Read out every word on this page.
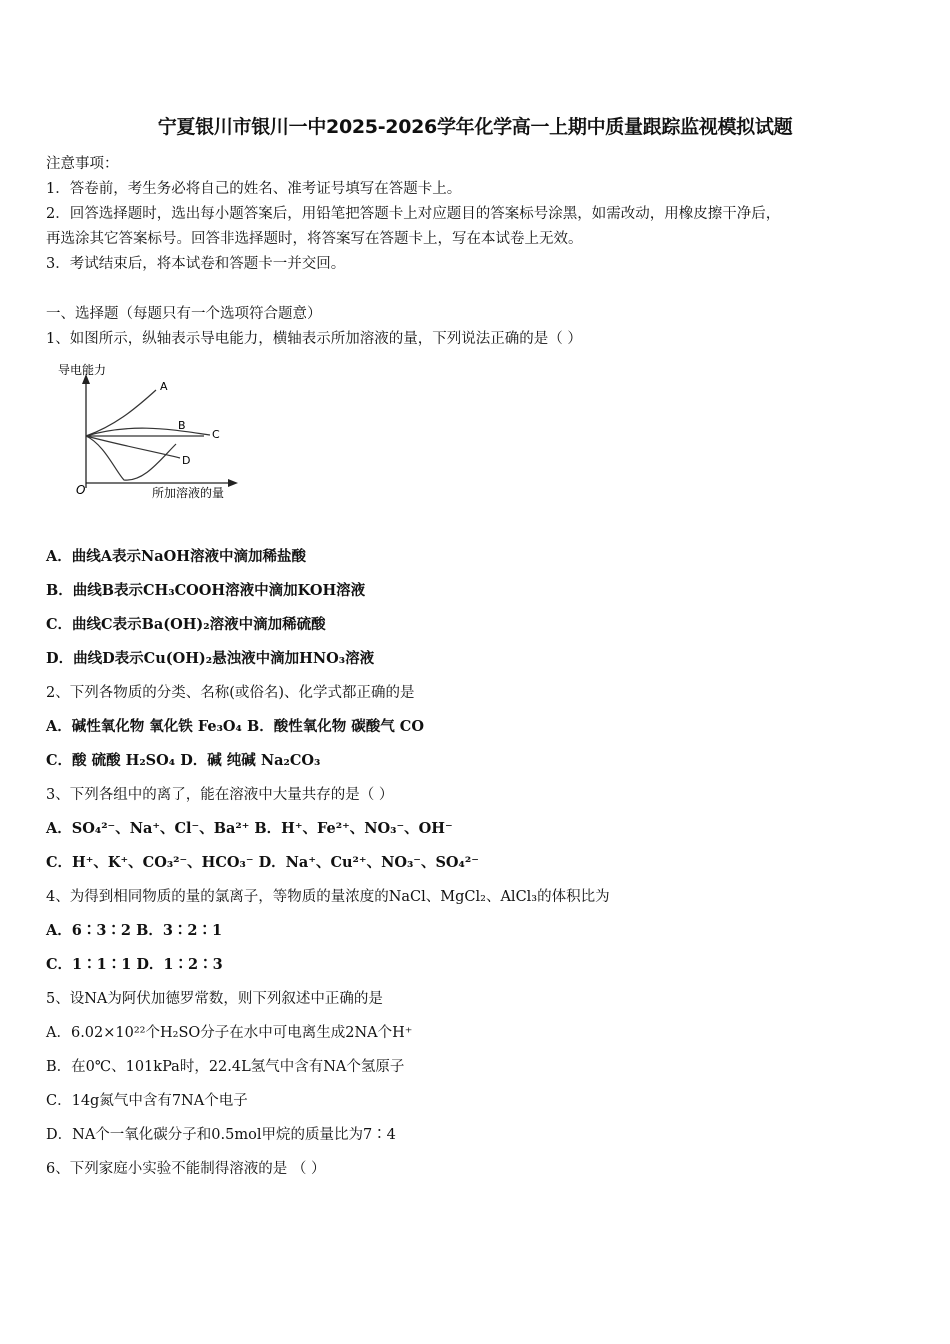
宁夏银川市银川一中2025-2026学年化学高一上期中质量跟踪监视模拟试题
注意事项：
1．答卷前，考生务必将自己的姓名、准考证号填写在答题卡上。
2．回答选择题时，选出每小题答案后，用铅笔把答题卡上对应题目的答案标号涂黑，如需改动，用橡皮擦干净后，
再选涂其它答案标号。回答非选择题时，将答案写在答题卡上，写在本试卷上无效。
3．考试结束后，将本试卷和答题卡一并交回。
一、选择题（每题只有一个选项符合题意）
1、如图所示，纵轴表示导电能力，横轴表示所加溶液的量，下列说法正确的是（ ）
导电能力
所加溶液的量
O
A
B
C
D
A．曲线A表示NaOH溶液中滴加稀盐酸
B．曲线B表示CH₃COOH溶液中滴加KOH溶液
C．曲线C表示Ba(OH)₂溶液中滴加稀硫酸
D．曲线D表示Cu(OH)₂悬浊液中滴加HNO₃溶液
2、下列各物质的分类、名称(或俗名)、化学式都正确的是
A．碱性氧化物 氧化铁 Fe₃O₄ B．酸性氧化物 碳酸气 CO
C．酸 硫酸 H₂SO₄ D．碱 纯碱 Na₂CO₃
3、下列各组中的离了，能在溶液中大量共存的是（ ）
A．SO₄²⁻、Na⁺、Cl⁻、Ba²⁺ B．H⁺、Fe²⁺、NO₃⁻、OH⁻
C．H⁺、K⁺、CO₃²⁻、HCO₃⁻ D．Na⁺、Cu²⁺、NO₃⁻、SO₄²⁻
4、为得到相同物质的量的氯离子，等物质的量浓度的NaCl、MgCl₂、AlCl₃的体积比为
A．6∶3∶2 B．3∶2∶1
C．1∶1∶1 D．1∶2∶3
5、设NA为阿伏加德罗常数，则下列叙述中正确的是
A．6.02×10²²个H₂SO分子在水中可电离生成2NA个H⁺
B．在0℃、101kPa时，22.4L氢气中含有NA个氢原子
C．14g氮气中含有7NA个电子
D．NA个一氧化碳分子和0.5mol甲烷的质量比为7∶4
6、下列家庭小实验不能制得溶液的是 （ ）
